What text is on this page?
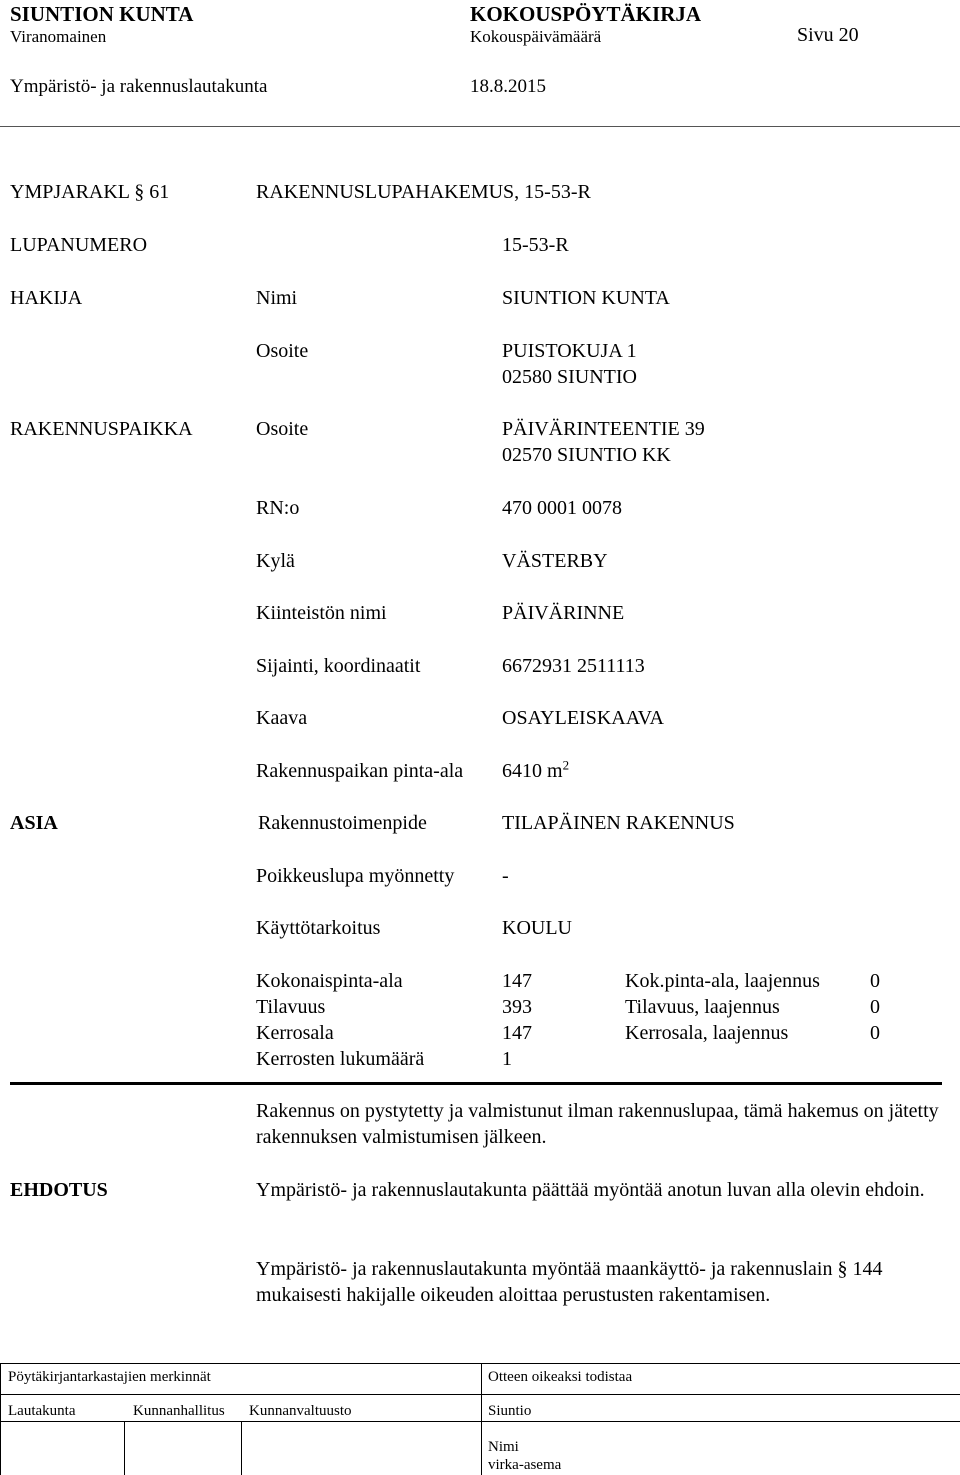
SIUNTION KUNTA	KOKOUSPÖYTÄKIRJA
Viranomainen	Kokouspäivämäärä	Sivu 20
Ympäristö- ja rakennuslautakunta	18.8.2015
YMPJARAKL § 61	RAKENNUSLUPAHAKEMUS, 15-53-R
LUPANUMERO	15-53-R
HAKIJA	Nimi	SIUNTION KUNTA
Osoite	PUISTOKUJA 1
02580 SIUNTIO
RAKENNUSPAIKKA	Osoite	PÄIVÄRINTEENTIE 39
02570 SIUNTIO KK
RN:o	470 0001 0078
Kylä	VÄSTERBY
Kiinteistön nimi	PÄIVÄRINNE
Sijainti, koordinaatit	6672931 2511113
Kaava	OSAYLEISKAAVA
Rakennuspaikan pinta-ala 6410 $m^2$
ASIA	Rakennustoimenpide	TILAPÄINEN RAKENNUS
Poikkeuslupa myönnetty -
Käyttötarkoitus	KOULU
Kokonaispinta-ala	147	Kok.pinta-ala, laajennus	0
Tilavuus	393	Tilavuus, laajennus	0
Kerrosala	147	Kerrosala, laajennus	0
Kerrosten lukumäärä	1
Rakennus on pystytetty ja valmistunut ilman rakennuslupaa, tämä hakemus on jätetty rakennuksen valmistumisen jälkeen.
EHDOTUS	Ympäristö- ja rakennuslautakunta päättää myöntää anotun luvan alla olevin ehdoin.
Ympäristö- ja rakennuslautakunta myöntää maankäyttö- ja rakennuslain § 144 mukaisesti hakijalle oikeuden aloittaa perustusten rakentamisen.
Pöytäkirjantarkastajien merkinnät	Otteen oikeaksi todistaa
Lautakunta	Kunnanhallitus Kunnanvaltuusto	Siuntio
Nimi
virka-asema
